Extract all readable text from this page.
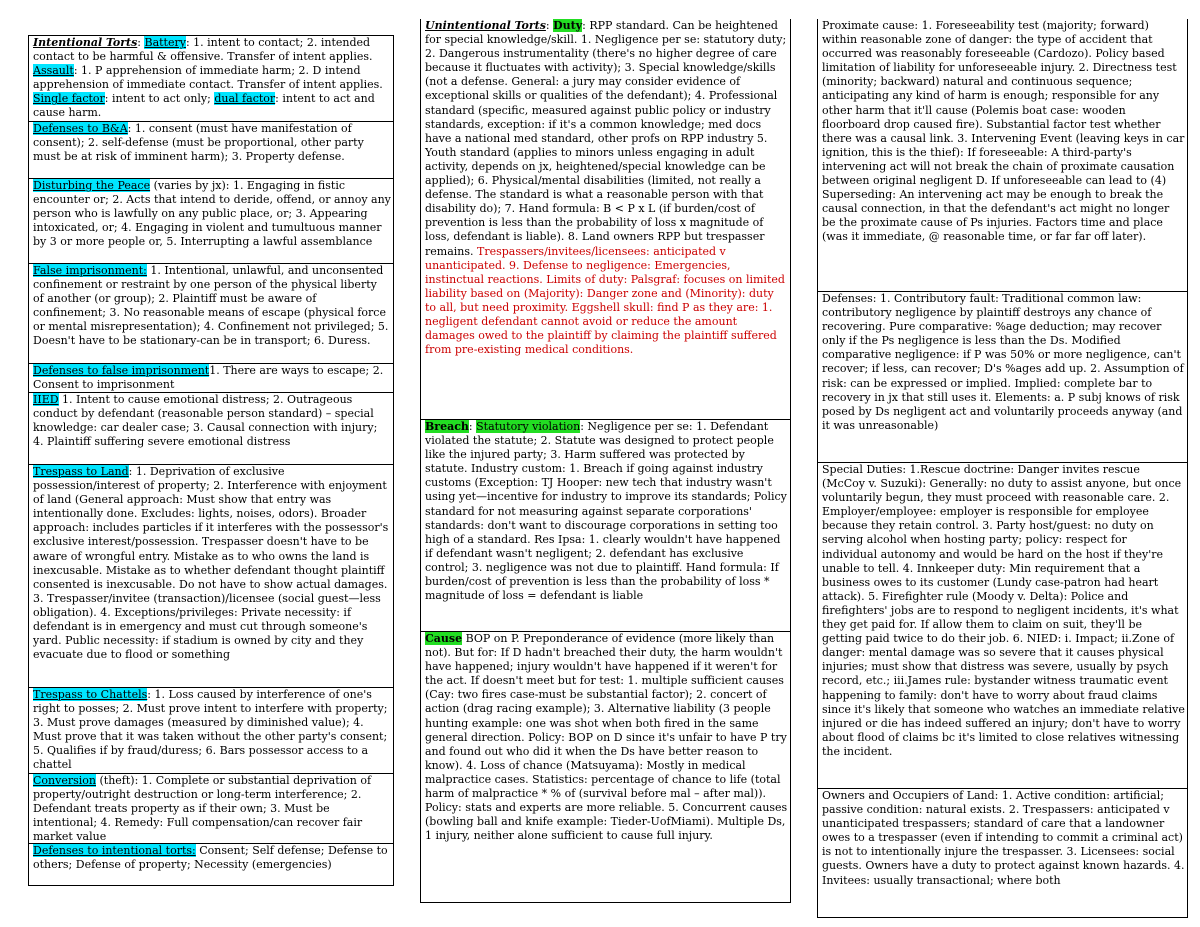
Intentional Torts: Battery: 1. intent to contact; 2. intended contact to be harmful & offensive. Transfer of intent applies. Assault: 1. P apprehension of immediate harm; 2. D intend apprehension of immediate contact. Transfer of intent applies. Single factor: intent to act only; dual factor: intent to act and cause harm.
Defenses to B&A: 1. consent (must have manifestation of consent); 2. self-defense (must be proportional, other party must be at risk of imminent harm); 3. Property defense.
Disturbing the Peace (varies by jx): 1. Engaging in fistic encounter or; 2. Acts that intend to deride, offend, or annoy any person who is lawfully on any public place, or; 3. Appearing intoxicated, or; 4. Engaging in violent and tumultuous manner by 3 or more people or, 5. Interrupting a lawful assemblance
False imprisonment: 1. Intentional, unlawful, and unconsented confinement or restraint by one person of the physical liberty of another (or group); 2. Plaintiff must be aware of confinement; 3. No reasonable means of escape (physical force or mental misrepresentation); 4. Confinement not privileged; 5. Doesn't have to be stationary-can be in transport; 6. Duress.
Defenses to false imprisonment1. There are ways to escape; 2. Consent to imprisonment
IIED 1. Intent to cause emotional distress; 2. Outrageous conduct by defendant (reasonable person standard) – special knowledge: car dealer case; 3. Causal connection with injury; 4. Plaintiff suffering severe emotional distress
Trespass to Land: 1. Deprivation of exclusive possession/interest of property; 2. Interference with enjoyment of land (General approach: Must show that entry was intentionally done. Excludes: lights, noises, odors). Broader approach: includes particles if it interferes with the possessor's exclusive interest/possession. Trespasser doesn't have to be aware of wrongful entry. Mistake as to who owns the land is inexcusable. Mistake as to whether defendant thought plaintiff consented is inexcusable. Do not have to show actual damages. 3. Trespasser/invitee (transaction)/licensee (social guest—less obligation). 4. Exceptions/privileges: Private necessity: if defendant is in emergency and must cut through someone's yard. Public necessity: if stadium is owned by city and they evacuate due to flood or something
Trespass to Chattels: 1. Loss caused by interference of one's right to posses; 2. Must prove intent to interfere with property; 3. Must prove damages (measured by diminished value); 4. Must prove that it was taken without the other party's consent; 5. Qualifies if by fraud/duress; 6. Bars possessor access to a chattel
Conversion (theft): 1. Complete or substantial deprivation of property/outright destruction or long-term interference; 2. Defendant treats property as if their own; 3. Must be intentional; 4. Remedy: Full compensation/can recover fair market value
Defenses to intentional torts: Consent; Self defense; Defense to others; Defense of property; Necessity (emergencies)
Unintentional Torts: Duty: RPP standard. Can be heightened for special knowledge/skill. 1. Negligence per se: statutory duty; 2. Dangerous instrumentality (there's no higher degree of care because it fluctuates with activity); 3. Special knowledge/skills (not a defense. General: a jury may consider evidence of exceptional skills or qualities of the defendant); 4. Professional standard (specific, measured against public policy or industry standards, exception: if it's a common knowledge; med docs have a national med standard, other profs on RPP industry 5. Youth standard (applies to minors unless engaging in adult activity, depends on jx, heightened/special knowledge can be applied); 6. Physical/mental disabilities (limited, not really a defense. The standard is what a reasonable person with that disability do); 7. Hand formula: B < P x L (if burden/cost of prevention is less than the probability of loss x magnitude of loss, defendant is liable). 8. Land owners RPP but trespasser remains. Trespassers/invitees/licensees: anticipated v unanticipated. 9. Defense to negligence: Emergencies, instinctual reactions. Limits of duty: Palsgraf: focuses on limited liability based on (Majority): Danger zone and (Minority): duty to all, but need proximity. Eggshell skull: find P as they are: 1. negligent defendant cannot avoid or reduce the amount damages owed to the plaintiff by claiming the plaintiff suffered from pre-existing medical conditions.
Breach: Statutory violation: Negligence per se: 1. Defendant violated the statute; 2. Statute was designed to protect people like the injured party; 3. Harm suffered was protected by statute. Industry custom: 1. Breach if going against industry customs (Exception: TJ Hooper: new tech that industry wasn't using yet—incentive for industry to improve its standards; Policy standard for not measuring against separate corporations' standards: don't want to discourage corporations in setting too high of a standard. Res Ipsa: 1. clearly wouldn't have happened if defendant wasn't negligent; 2. defendant has exclusive control; 3. negligence was not due to plaintiff. Hand formula: If burden/cost of prevention is less than the probability of loss * magnitude of loss = defendant is liable
Cause BOP on P. Preponderance of evidence (more likely than not). But for: If D hadn't breached their duty, the harm wouldn't have happened; injury wouldn't have happened if it weren't for the act. If doesn't meet but for test: 1. multiple sufficient causes (Cay: two fires case-must be substantial factor); 2. concert of action (drag racing example); 3. Alternative liability (3 people hunting example: one was shot when both fired in the same general direction. Policy: BOP on D since it's unfair to have P try and found out who did it when the Ds have better reason to know). 4. Loss of chance (Matsuyama): Mostly in medical malpractice cases. Statistics: percentage of chance to life (total harm of malpractice * % of (survival before mal – after mal)). Policy: stats and experts are more reliable. 5. Concurrent causes (bowling ball and knife example: Tieder-UofMiami). Multiple Ds, 1 injury, neither alone sufficient to cause full injury.
Proximate cause: 1. Foreseeability test (majority; forward) within reasonable zone of danger: the type of accident that occurred was reasonably foreseeable (Cardozo). Policy based limitation of liability for unforeseeable injury. 2. Directness test (minority; backward) natural and continuous sequence; anticipating any kind of harm is enough; responsible for any other harm that it'll cause (Polemis boat case: wooden floorboard drop caused fire). Substantial factor test whether there was a causal link. 3. Intervening Event (leaving keys in car ignition, this is the thief): If foreseeable: A third-party's intervening act will not break the chain of proximate causation between original negligent D. If unforeseeable can lead to (4) Superseding: An intervening act may be enough to break the causal connection, in that the defendant's act might no longer be the proximate cause of Ps injuries. Factors time and place (was it immediate, @ reasonable time, or far far off later).
Defenses: 1. Contributory fault: Traditional common law: contributory negligence by plaintiff destroys any chance of recovering. Pure comparative: %age deduction; may recover only if the Ps negligence is less than the Ds. Modified comparative negligence: if P was 50% or more negligence, can't recover; if less, can recover; D's %ages add up. 2. Assumption of risk: can be expressed or implied. Implied: complete bar to recovery in jx that still uses it. Elements: a. P subj knows of risk posed by Ds negligent act and voluntarily proceeds anyway (and it was unreasonable)
Special Duties: 1.Rescue doctrine: Danger invites rescue (McCoy v. Suzuki): Generally: no duty to assist anyone, but once voluntarily begun, they must proceed with reasonable care. 2. Employer/employee: employer is responsible for employee because they retain control. 3. Party host/guest: no duty on serving alcohol when hosting party; policy: respect for individual autonomy and would be hard on the host if they're unable to tell. 4. Innkeeper duty: Min requirement that a business owes to its customer (Lundy case-patron had heart attack). 5. Firefighter rule (Moody v. Delta): Police and firefighters' jobs are to respond to negligent incidents, it's what they get paid for. If allow them to claim on suit, they'll be getting paid twice to do their job. 6. NIED: i. Impact; ii.Zone of danger: mental damage was so severe that it causes physical injuries; must show that distress was severe, usually by psych record, etc.; iii.James rule: bystander witness traumatic event happening to family: don't have to worry about fraud claims since it's likely that someone who watches an immediate relative injured or die has indeed suffered an injury; don't have to worry about flood of claims bc it's limited to close relatives witnessing the incident.
Owners and Occupiers of Land: 1. Active condition: artificial; passive condition: natural exists. 2. Trespassers: anticipated v unanticipated trespassers; standard of care that a landowner owes to a trespasser (even if intending to commit a criminal act) is not to intentionally injure the trespasser. 3. Licensees: social guests. Owners have a duty to protect against known hazards. 4. Invitees: usually transactional; where both
